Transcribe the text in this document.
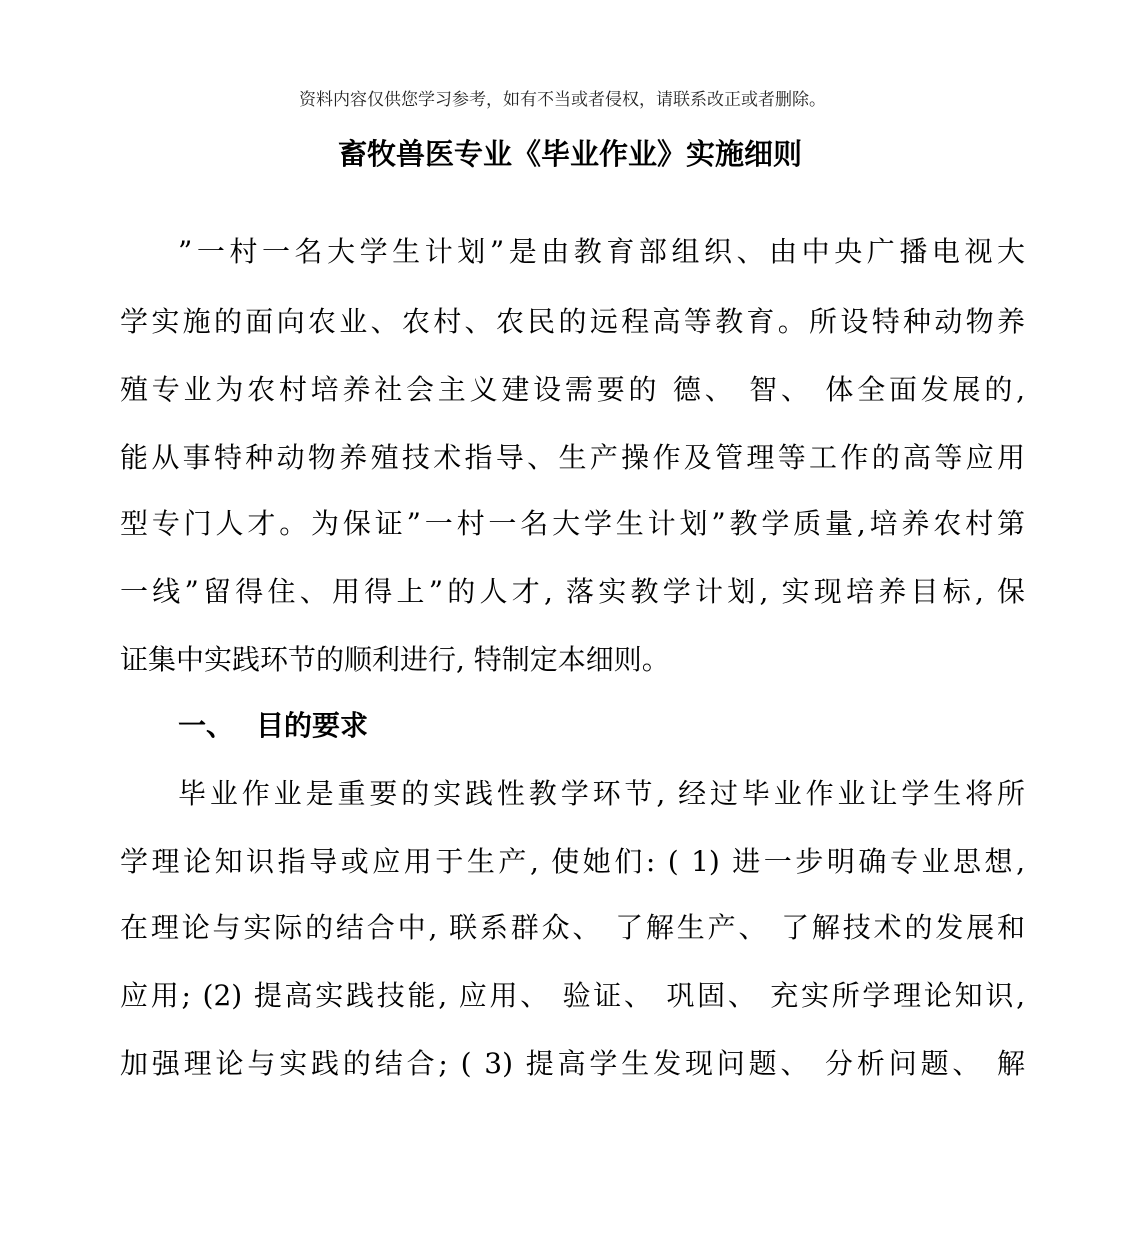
资料内容仅供您学习参考，如有不当或者侵权，请联系改正或者删除。
畜牧兽医专业《毕业作业》实施细则
”一村一名大学生计划”是由教育部组织、由中央广播电视大
学实施的面向农业、农村、农民的远程高等教育。所设特种动物养
殖专业为农村培养社会主义建设需要的 德、 智、 体全面发展的,
能从事特种动物养殖技术指导、生产操作及管理等工作的高等应用
型专门人才。为保证”一村一名大学生计划”教学质量,培养农村第
一线”留得住、用得上”的人才, 落实教学计划, 实现培养目标, 保
证集中实践环节的顺利进行, 特制定本细则。
一、 目的要求
毕业作业是重要的实践性教学环节, 经过毕业作业让学生将所
学理论知识指导或应用于生产, 使她们: ( 1) 进一步明确专业思想,
在理论与实际的结合中, 联系群众、 了解生产、 了解技术的发展和
应用; (2) 提高实践技能, 应用、 验证、 巩固、 充实所学理论知识,
加强理论与实践的结合; ( 3) 提高学生发现问题、 分析问题、 解
